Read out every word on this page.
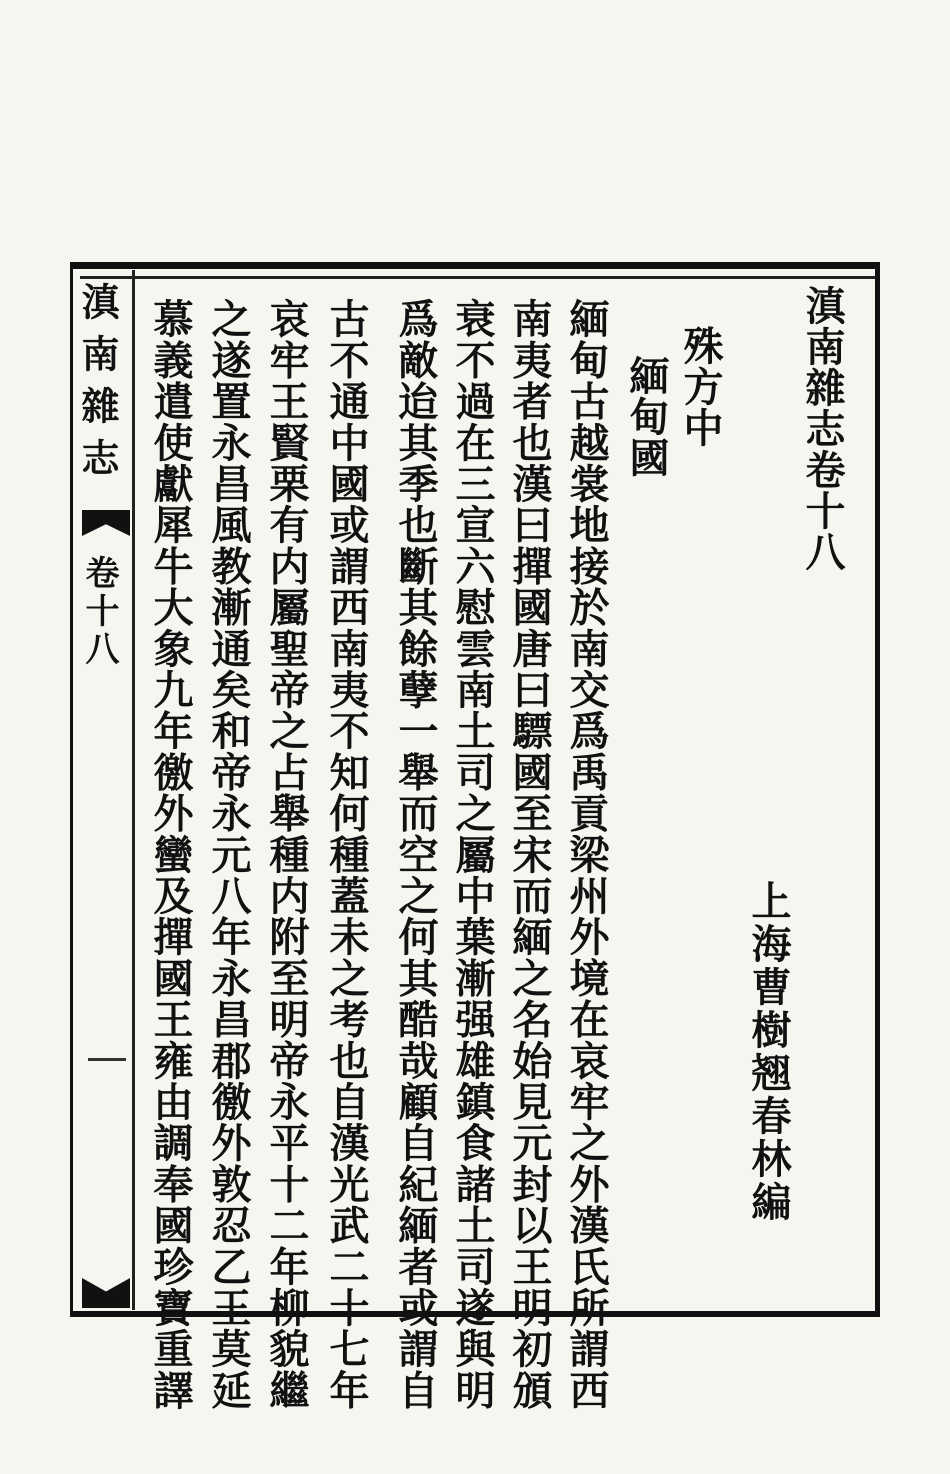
滇南雜志
卷十八
滇南雜志卷十八
上海曹樹翘春林編
殊方中
緬甸國
緬甸古越裳地接於南交爲禹貢梁州外境在哀牢之外漢氏所謂西
南夷者也漢曰撣國唐曰驃國至宋而緬之名始見元封以王明初頒
衰不過在三宣六慰雲南土司之屬中葉漸强雄鎮食諸土司遂與明
爲敵迨其季也斷其餘孽一舉而空之何其酷哉顧自紀緬者或謂自
古不通中國或謂西南夷不知何種蓋未之考也自漢光武二十七年
哀牢王賢栗有内屬聖帝之占舉種内附至明帝永平十二年柳貌繼
之遂置永昌風教漸通矣和帝永元八年永昌郡徼外敦忍乙王莫延
慕義遣使獻犀牛大象九年徼外蠻及撣國王雍由調奉國珍寶重譯
